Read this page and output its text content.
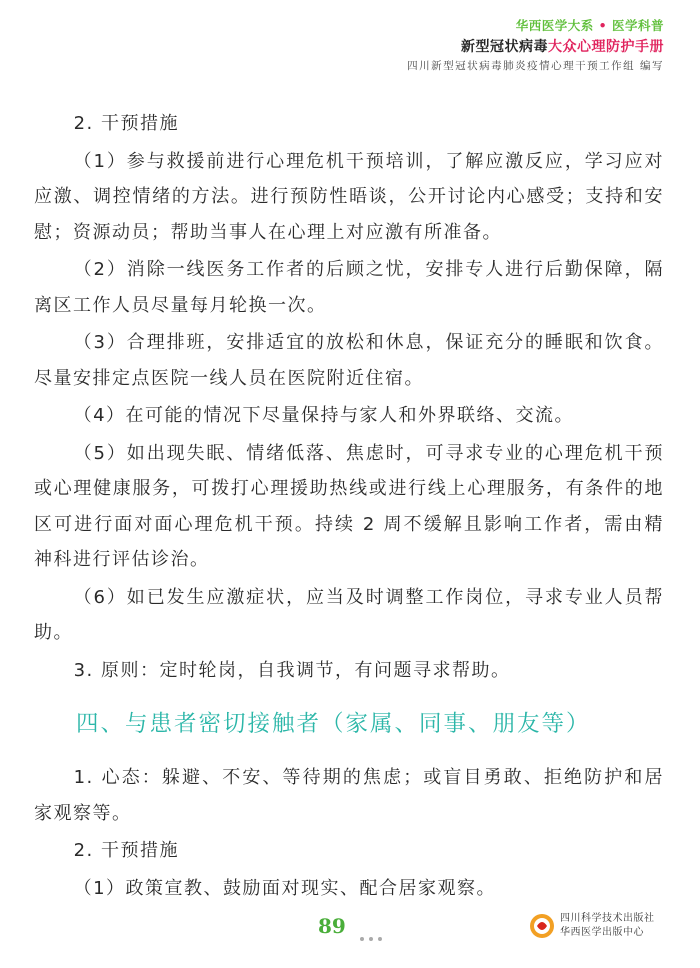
华西医学大系 • 医学科普
新型冠状病毒大众心理防护手册
四川新型冠状病毒肺炎疫情心理干预工作组 编写

2. 干预措施

（1）参与救援前进行心理危机干预培训，了解应激反应，学习应对应激、调控情绪的方法。进行预防性晤谈，公开讨论内心感受；支持和安慰；资源动员；帮助当事人在心理上对应激有所准备。

（2）消除一线医务工作者的后顾之忧，安排专人进行后勤保障，隔离区工作人员尽量每月轮换一次。

（3）合理排班，安排适宜的放松和休息，保证充分的睡眠和饮食。尽量安排定点医院一线人员在医院附近住宿。

（4）在可能的情况下尽量保持与家人和外界联络、交流。

（5）如出现失眠、情绪低落、焦虑时，可寻求专业的心理危机干预或心理健康服务，可拨打心理援助热线或进行线上心理服务，有条件的地区可进行面对面心理危机干预。持续 2 周不缓解且影响工作者，需由精神科进行评估诊治。

（6）如已发生应激症状，应当及时调整工作岗位，寻求专业人员帮助。

3. 原则：定时轮岗，自我调节，有问题寻求帮助。

四、与患者密切接触者（家属、同事、朋友等）

1. 心态：躲避、不安、等待期的焦虑；或盲目勇敢、拒绝防护和居家观察等。

2. 干预措施

（1）政策宣教、鼓励面对现实、配合居家观察。

89	四川科学技术出版社
华西医学出版中心
